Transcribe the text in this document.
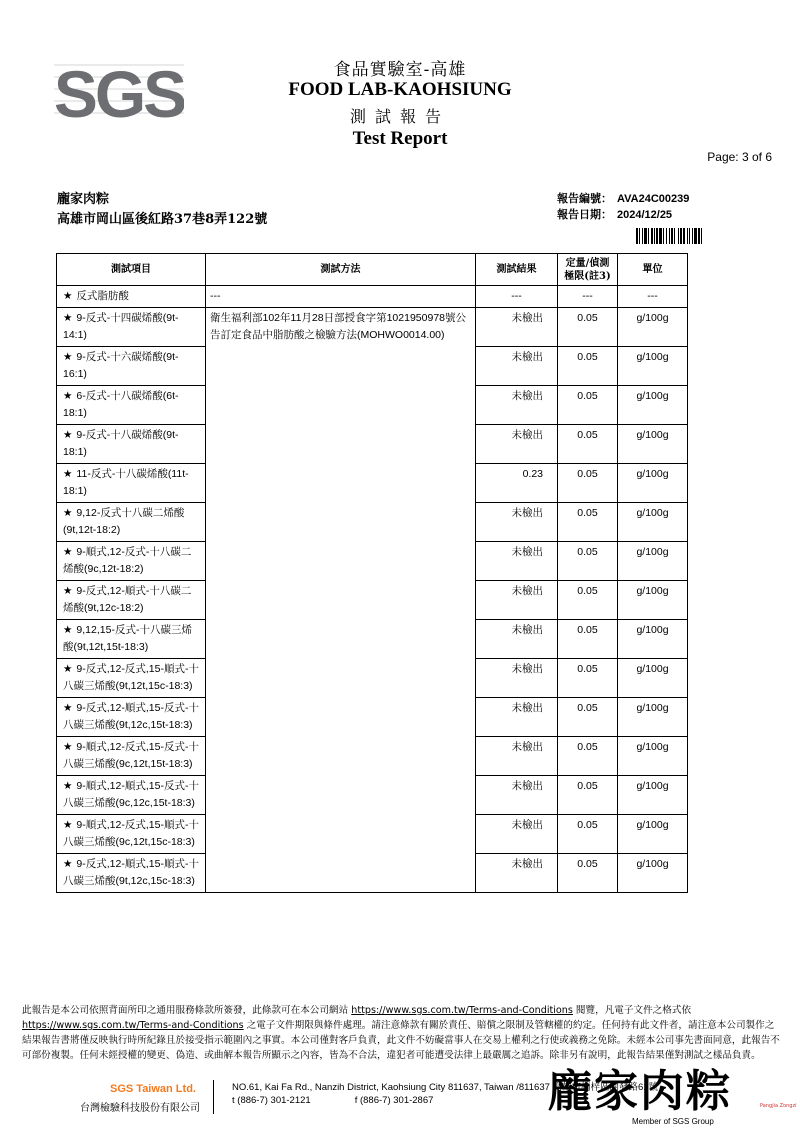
SGS	食品實驗室-高雄
FOOD LAB-KAOHSIUNG
測試報告
Test Report
Page: 3 of 6
龐家肉粽
高雄市岡山區後紅路37巷8弄122號
報告編號： AVA24C00239
報告日期： 2024/12/25
測試項目	測試方法	測試結果	定量/偵測
極限(註3)	單位
★ 反式脂肪酸	---	---	---	---
★ 9-反式-十四碳烯酸(9t-14:1)	衛生福利部102年11月28日部授食字第1021950978號公告訂定食品中脂肪酸之檢驗方法(MOHWO0014.00)	未檢出	0.05	g/100g
★ 9-反式-十六碳烯酸(9t-16:1)		未檢出	0.05	g/100g
★ 6-反式-十八碳烯酸(6t-18:1)		未檢出	0.05	g/100g
★ 9-反式-十八碳烯酸(9t-18:1)		未檢出	0.05	g/100g
★ 11-反式-十八碳烯酸(11t-18:1)		0.23	0.05	g/100g
★ 9,12-反式十八碳二烯酸(9t,12t-18:2)		未檢出	0.05	g/100g
★ 9-順式,12-反式-十八碳二烯酸(9c,12t-18:2)		未檢出	0.05	g/100g
★ 9-反式,12-順式-十八碳二烯酸(9t,12c-18:2)		未檢出	0.05	g/100g
★ 9,12,15-反式-十八碳三烯酸(9t,12t,15t-18:3)		未檢出	0.05	g/100g
★ 9-反式,12-反式,15-順式-十八碳三烯酸(9t,12t,15c-18:3)		未檢出	0.05	g/100g
★ 9-反式,12-順式,15-反式-十八碳三烯酸(9t,12c,15t-18:3)		未檢出	0.05	g/100g
★ 9-順式,12-反式,15-反式-十八碳三烯酸(9c,12t,15t-18:3)		未檢出	0.05	g/100g
★ 9-順式,12-順式,15-反式-十八碳三烯酸(9c,12c,15t-18:3)		未檢出	0.05	g/100g
★ 9-順式,12-反式,15-順式-十八碳三烯酸(9c,12t,15c-18:3)		未檢出	0.05	g/100g
★ 9-反式,12-順式,15-順式-十八碳三烯酸(9t,12c,15c-18:3)		未檢出	0.05	g/100g
此報告是本公司依照背面所印之通用服務條款所簽發，此條款可在本公司網站 https://www.sgs.com.tw/Terms-and-Conditions 閱覽，凡電子文件之格式依https://www.sgs.com.tw/Terms-and-Conditions 之電子文件期限與條件處理。請注意條款有關於責任、賠償之限制及管轄權的約定。任何持有此文件者，請注意本公司製作之結果報告書將僅反映執行時所紀錄且於接受指示範圍內之事實。本公司僅對客戶負責，此文件不妨礙當事人在交易上權利之行使或義務之免除。未經本公司事先書面同意，此報告不可部份複製。任何未經授權的變更、偽造、或曲解本報告所顯示之內容，皆為不合法，違犯者可能遭受法律上最嚴厲之追訴。除非另有說明，此報告結果僅對測試之樣品負責。
SGS Taiwan Ltd.
台灣檢驗科技股份有限公司
NO.61, Kai Fa Rd., Nanzih District, Kaohsiung City 811637, Taiwan /811637 高雄市楠梓區開發路61號
t (886-7) 301-2121	f (886-7) 301-2867	龐家肉粽	Pangjia Zongzi
Member of SGS Group
